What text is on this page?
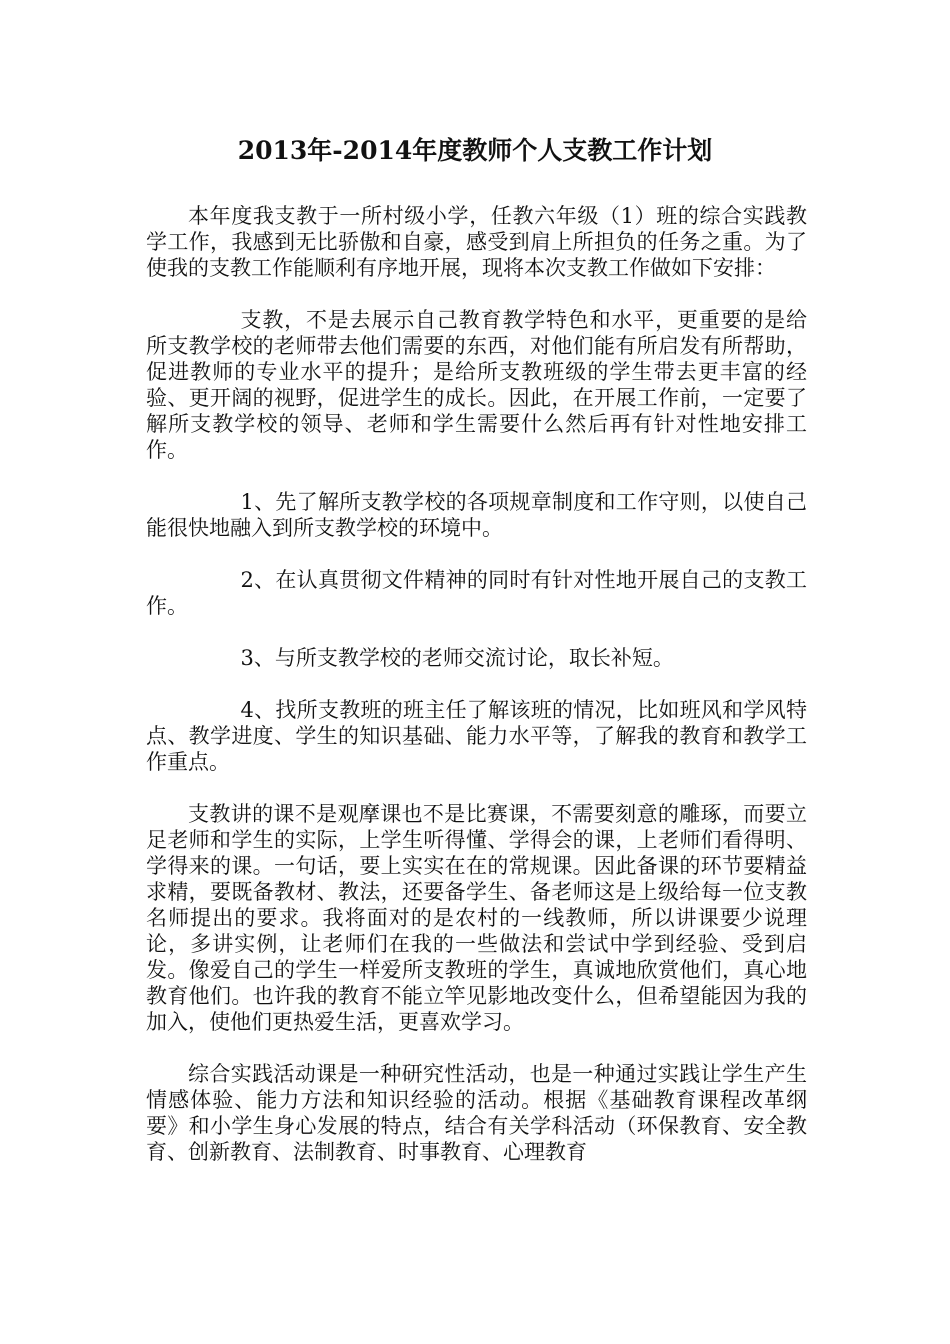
2013年-2014年度教师个人支教工作计划

本年度我支教于一所村级小学，任教六年级（1）班的综合实践教学工作，我感到无比骄傲和自豪，感受到肩上所担负的任务之重。为了使我的支教工作能顺利有序地开展，现将本次支教工作做如下安排：

支教，不是去展示自己教育教学特色和水平，更重要的是给所支教学校的老师带去他们需要的东西，对他们能有所启发有所帮助，促进教师的专业水平的提升；是给所支教班级的学生带去更丰富的经验、更开阔的视野，促进学生的成长。因此，在开展工作前，一定要了解所支教学校的领导、老师和学生需要什么然后再有针对性地安排工作。

1、先了解所支教学校的各项规章制度和工作守则，以使自己能很快地融入到所支教学校的环境中。

2、在认真贯彻文件精神的同时有针对性地开展自己的支教工作。

3、与所支教学校的老师交流讨论，取长补短。

4、找所支教班的班主任了解该班的情况，比如班风和学风特点、教学进度、学生的知识基础、能力水平等，了解我的教育和教学工作重点。

支教讲的课不是观摩课也不是比赛课，不需要刻意的雕琢，而要立足老师和学生的实际，上学生听得懂、学得会的课，上老师们看得明、学得来的课。一句话，要上实实在在的常规课。因此备课的环节要精益求精，要既备教材、教法，还要备学生、备老师这是上级给每一位支教名师提出的要求。我将面对的是农村的一线教师，所以讲课要少说理论，多讲实例，让老师们在我的一些做法和尝试中学到经验、受到启发。像爱自己的学生一样爱所支教班的学生，真诚地欣赏他们，真心地教育他们。也许我的教育不能立竿见影地改变什么，但希望能因为我的加入，使他们更热爱生活，更喜欢学习。

综合实践活动课是一种研究性活动，也是一种通过实践让学生产生情感体验、能力方法和知识经验的活动。根据《基础教育课程改革纲要》和小学生身心发展的特点，结合有关学科活动（环保教育、安全教育、创新教育、法制教育、时事教育、心理教育
